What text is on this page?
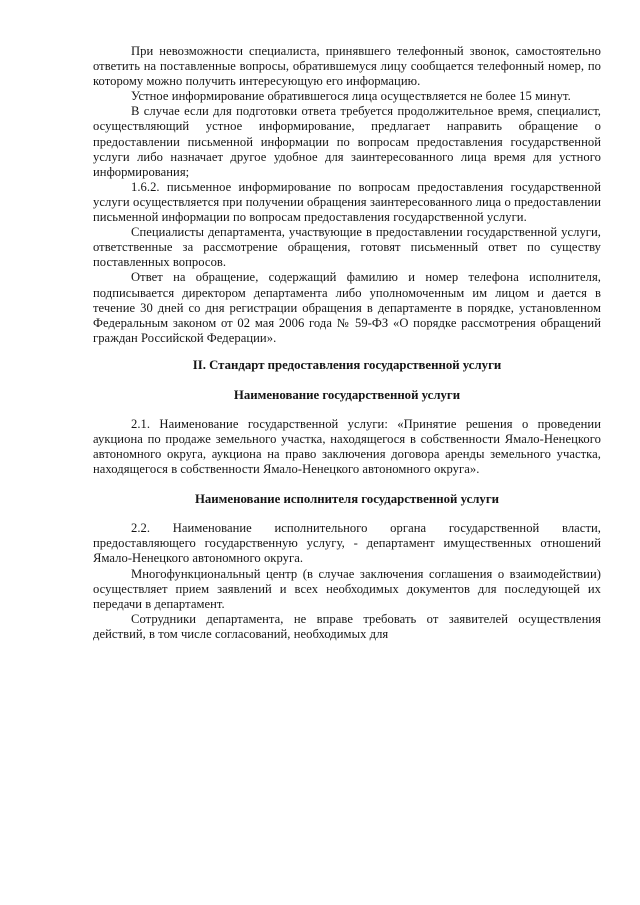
При невозможности специалиста, принявшего телефонный звонок, самостоятельно ответить на поставленные вопросы, обратившемуся лицу сообщается телефонный номер, по которому можно получить интересующую его информацию.

Устное информирование обратившегося лица осуществляется не более 15 минут.

В случае если для подготовки ответа требуется продолжительное время, специалист, осуществляющий устное информирование, предлагает направить обращение о предоставлении письменной информации по вопросам предоставления государственной услуги либо назначает другое удобное для заинтересованного лица время для устного информирования;

1.6.2. письменное информирование по вопросам предоставления государственной услуги осуществляется при получении обращения заинтересованного лица о предоставлении письменной информации по вопросам предоставления государственной услуги.

Специалисты департамента, участвующие в предоставлении государственной услуги, ответственные за рассмотрение обращения, готовят письменный ответ по существу поставленных вопросов.

Ответ на обращение, содержащий фамилию и номер телефона исполнителя, подписывается директором департамента либо уполномоченным им лицом и дается в течение 30 дней со дня регистрации обращения в департаменте в порядке, установленном Федеральным законом от 02 мая 2006 года № 59-ФЗ «О порядке рассмотрения обращений граждан Российской Федерации».

II. Стандарт предоставления государственной услуги

Наименование государственной услуги

2.1. Наименование государственной услуги: «Принятие решения о проведении аукциона по продаже земельного участка, находящегося в собственности Ямало-Ненецкого автономного округа, аукциона на право заключения договора аренды земельного участка, находящегося в собственности Ямало-Ненецкого автономного округа».

Наименование исполнителя государственной услуги

2.2. Наименование исполнительного органа государственной власти, предоставляющего государственную услугу, - департамент имущественных отношений Ямало-Ненецкого автономного округа.

Многофункциональный центр (в случае заключения соглашения о взаимодействии) осуществляет прием заявлений и всех необходимых документов для последующей их передачи в департамент.

Сотрудники департамента, не вправе требовать от заявителей осуществления действий, в том числе согласований, необходимых для
